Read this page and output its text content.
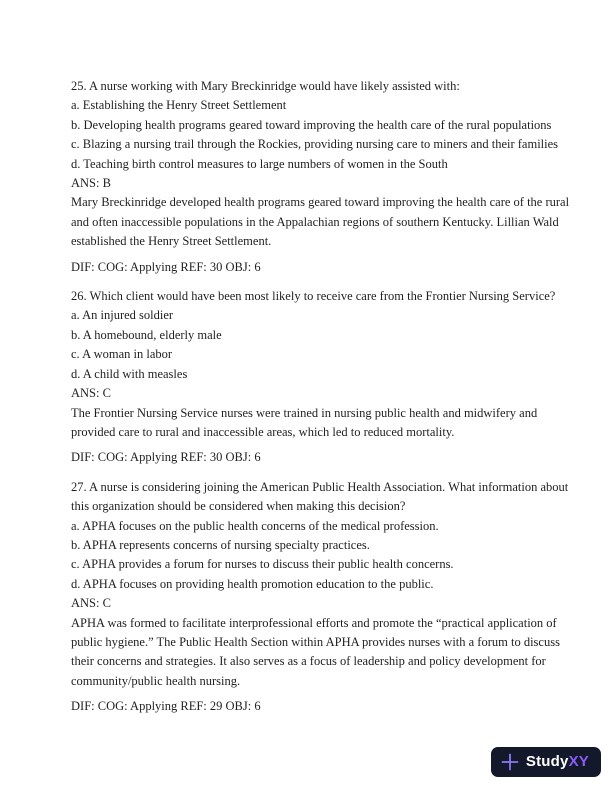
25. A nurse working with Mary Breckinridge would have likely assisted with:
a. Establishing the Henry Street Settlement
b. Developing health programs geared toward improving the health care of the rural populations
c. Blazing a nursing trail through the Rockies, providing nursing care to miners and their families
d. Teaching birth control measures to large numbers of women in the South
ANS: B
Mary Breckinridge developed health programs geared toward improving the health care of the rural
and often inaccessible populations in the Appalachian regions of southern Kentucky. Lillian Wald
established the Henry Street Settlement.
DIF: COG: Applying REF: 30 OBJ: 6
26. Which client would have been most likely to receive care from the Frontier Nursing Service?
a. An injured soldier
b. A homebound, elderly male
c. A woman in labor
d. A child with measles
ANS: C
The Frontier Nursing Service nurses were trained in nursing public health and midwifery and
provided care to rural and inaccessible areas, which led to reduced mortality.
DIF: COG: Applying REF: 30 OBJ: 6
27. A nurse is considering joining the American Public Health Association. What information about
this organization should be considered when making this decision?
a. APHA focuses on the public health concerns of the medical profession.
b. APHA represents concerns of nursing specialty practices.
c. APHA provides a forum for nurses to discuss their public health concerns.
d. APHA focuses on providing health promotion education to the public.
ANS: C
APHA was formed to facilitate interprofessional efforts and promote the “practical application of
public hygiene.” The Public Health Section within APHA provides nurses with a forum to discuss
their concerns and strategies. It also serves as a focus of leadership and policy development for
community/public health nursing.
DIF: COG: Applying REF: 29 OBJ: 6
Study XY
